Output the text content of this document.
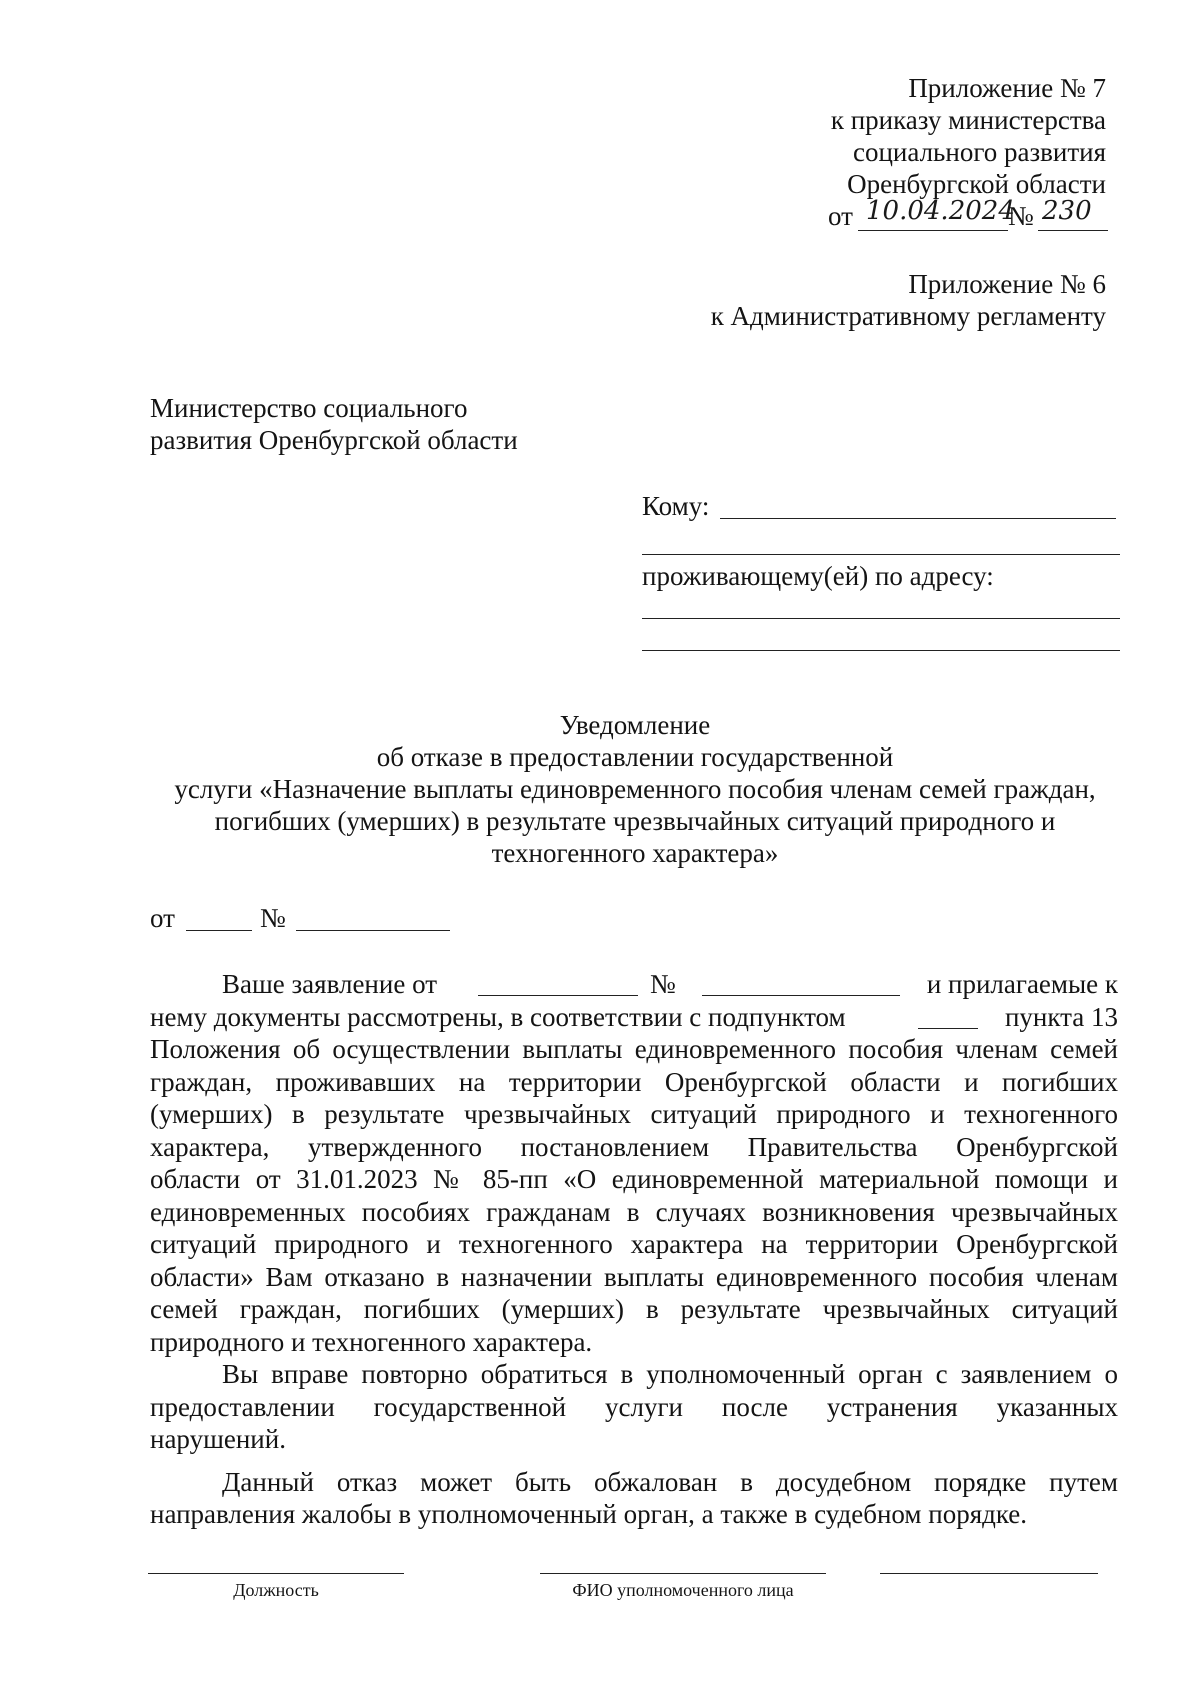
Приложение № 7
к приказу министерства
социального развития
Оренбургской области
от 10.04.2024
№ 230
Приложение № 6
к Административному регламенту
Министерство социального
развития Оренбургской области
Кому:
проживающему(ей) по адресу:
Уведомление
об отказе в предоставлении государственной
услуги «Назначение выплаты единовременного пособия членам семей граждан,
погибших (умерших) в результате чрезвычайных ситуаций природного и
техногенного характера»
от	№
Ваше заявление от	№	и прилагаемые к
нему документы рассмотрены, в соответствии с подпунктом	пункта 13
Положения об осуществлении выплаты единовременного пособия членам семей
граждан, проживавших на территории Оренбургской области и погибших
(умерших) в результате чрезвычайных ситуаций природного и техногенного
характера, утвержденного постановлением Правительства Оренбургской
области от 31.01.2023 № 85-пп «О единовременной материальной помощи и
единовременных пособиях гражданам в случаях возникновения чрезвычайных
ситуаций природного и техногенного характера на территории Оренбургской
области» Вам отказано в назначении выплаты единовременного пособия членам
семей граждан, погибших (умерших) в результате чрезвычайных ситуаций
природного и техногенного характера.
Вы вправе повторно обратиться в уполномоченный орган с заявлением о
предоставлении государственной услуги после устранения указанных
нарушений.
Данный отказ может быть обжалован в досудебном порядке путем
направления жалобы в уполномоченный орган, а также в судебном порядке.
Должность	ФИО уполномоченного лица
